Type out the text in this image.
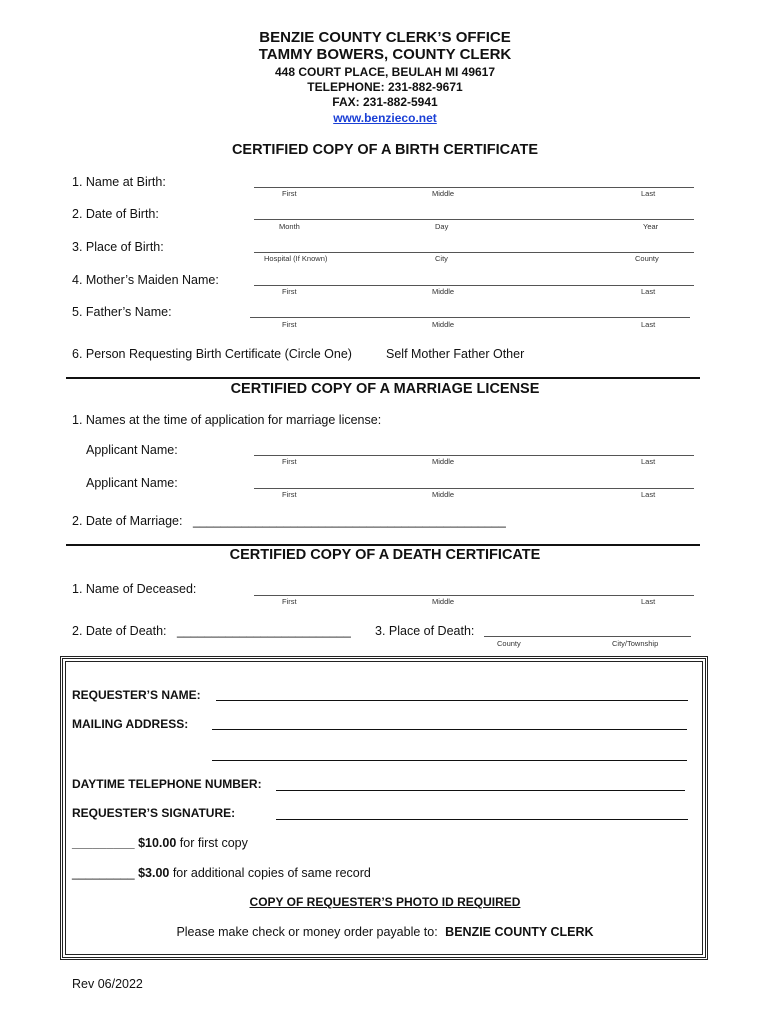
BENZIE COUNTY CLERK’S OFFICE
TAMMY BOWERS, COUNTY CLERK
448 COURT PLACE, BEULAH MI 49617
TELEPHONE: 231-882-9671
FAX: 231-882-5941
www.benzieco.net
CERTIFIED COPY OF A BIRTH CERTIFICATE
1. Name at Birth:
First	Middle	Last
2. Date of Birth:
Month	Day	Year
3. Place of Birth:
Hospital (If Known)	City	County
4. Mother’s Maiden Name:
First	Middle	Last
5. Father’s Name:
First	Middle	Last
6. Person Requesting Birth Certificate (Circle One)	Self Mother Father Other
CERTIFIED COPY OF A MARRIAGE LICENSE
1. Names at the time of application for marriage license:
Applicant Name:
First	Middle	Last
Applicant Name:
First	Middle	Last
2. Date of Marriage: _____________________________________________
CERTIFIED COPY OF A DEATH CERTIFICATE
1. Name of Deceased:
First	Middle	Last
2. Date of Death: _________________________ 3. Place of Death:
County	City/Township
REQUESTER’S NAME:
MAILING ADDRESS:
DAYTIME TELEPHONE NUMBER:
REQUESTER’S SIGNATURE:
_________ $10.00 for first copy
_________ $3.00 for additional copies of same record
COPY OF REQUESTER’S PHOTO ID REQUIRED
Please make check or money order payable to: BENZIE COUNTY CLERK
Rev 06/2022
